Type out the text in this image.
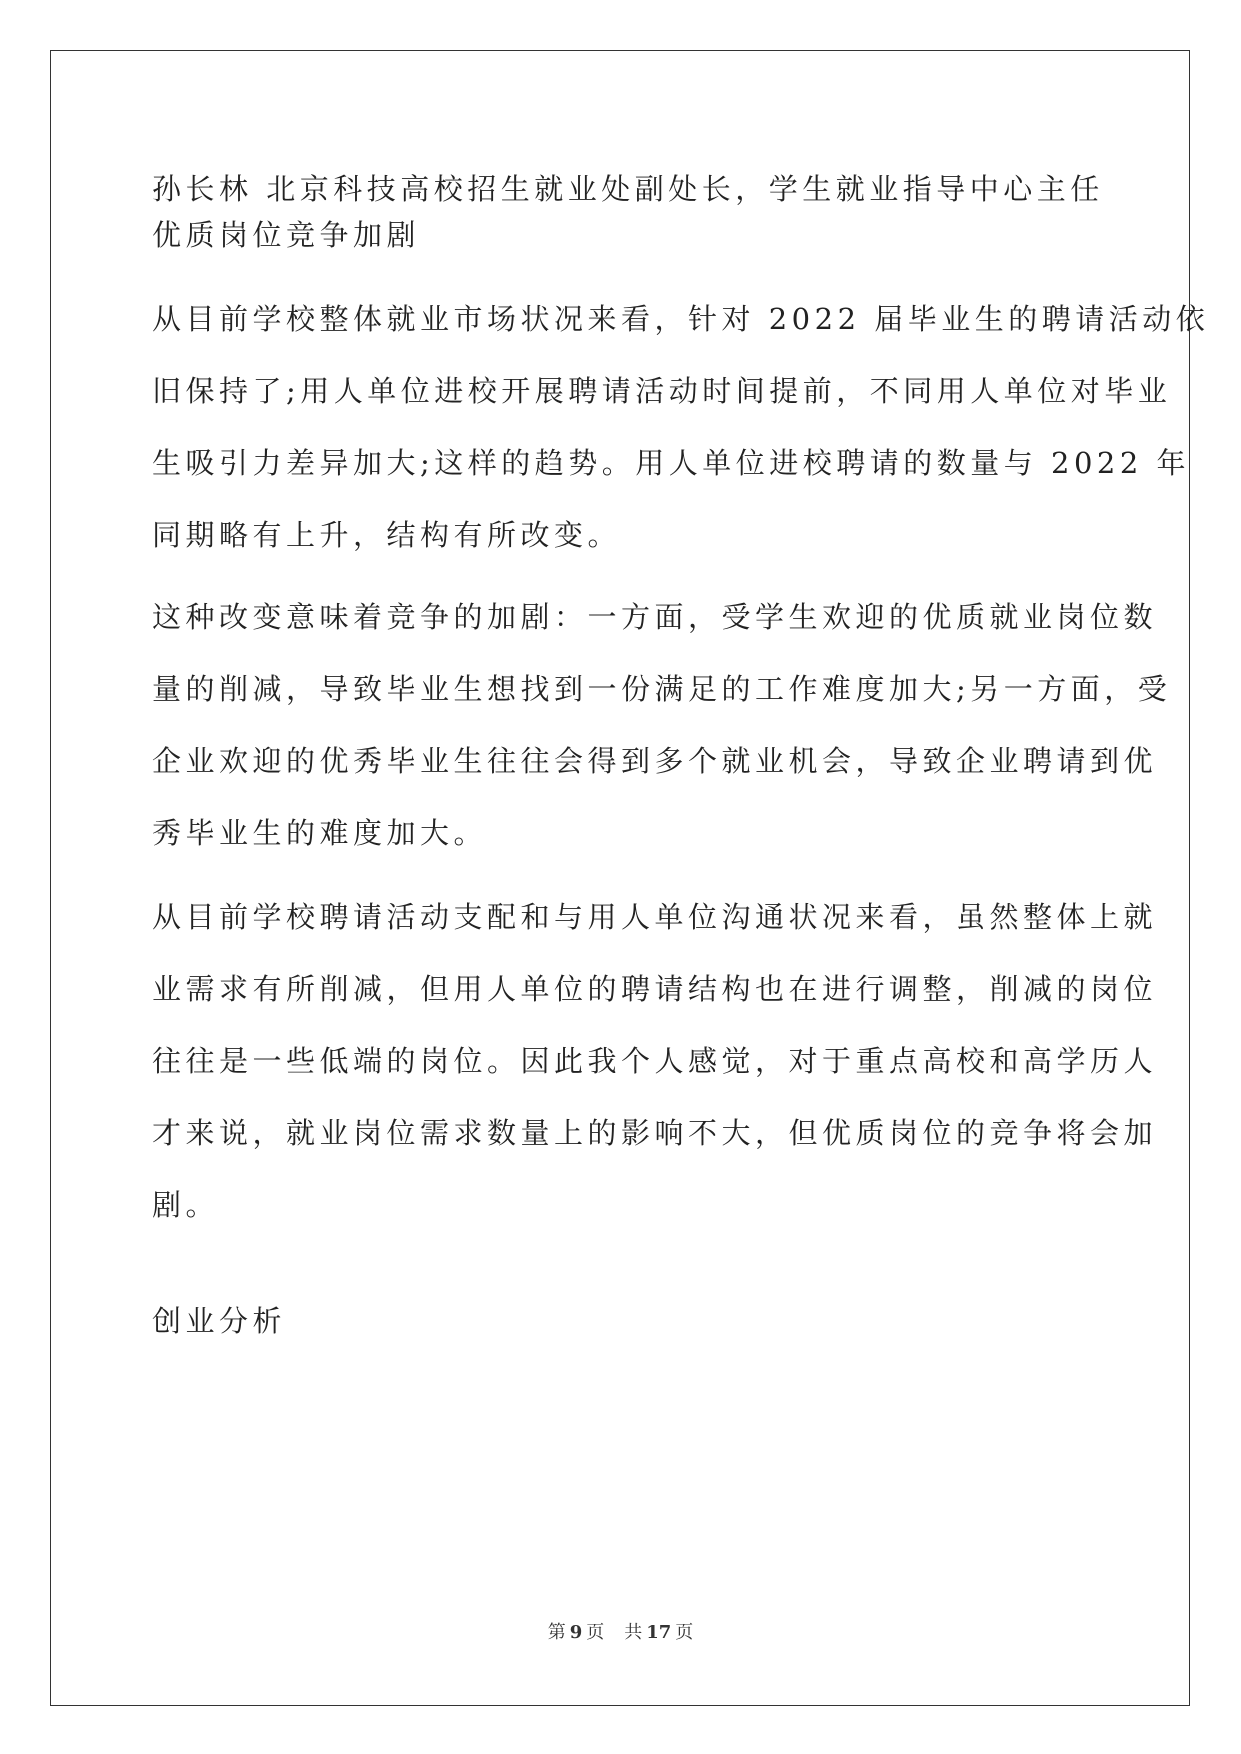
孙长林 北京科技高校招生就业处副处长，学生就业指导中心主任
优质岗位竞争加剧
从目前学校整体就业市场状况来看，针对 2022 届毕业生的聘请活动依
旧保持了;用人单位进校开展聘请活动时间提前，不同用人单位对毕业
生吸引力差异加大;这样的趋势。用人单位进校聘请的数量与 2022 年
同期略有上升，结构有所改变。
这种改变意味着竞争的加剧：一方面，受学生欢迎的优质就业岗位数
量的削减，导致毕业生想找到一份满足的工作难度加大;另一方面，受
企业欢迎的优秀毕业生往往会得到多个就业机会，导致企业聘请到优
秀毕业生的难度加大。
从目前学校聘请活动支配和与用人单位沟通状况来看，虽然整体上就
业需求有所削减，但用人单位的聘请结构也在进行调整，削减的岗位
往往是一些低端的岗位。因此我个人感觉，对于重点高校和高学历人
才来说，就业岗位需求数量上的影响不大，但优质岗位的竞争将会加
剧。
创业分析
第 9 页 共 17 页
